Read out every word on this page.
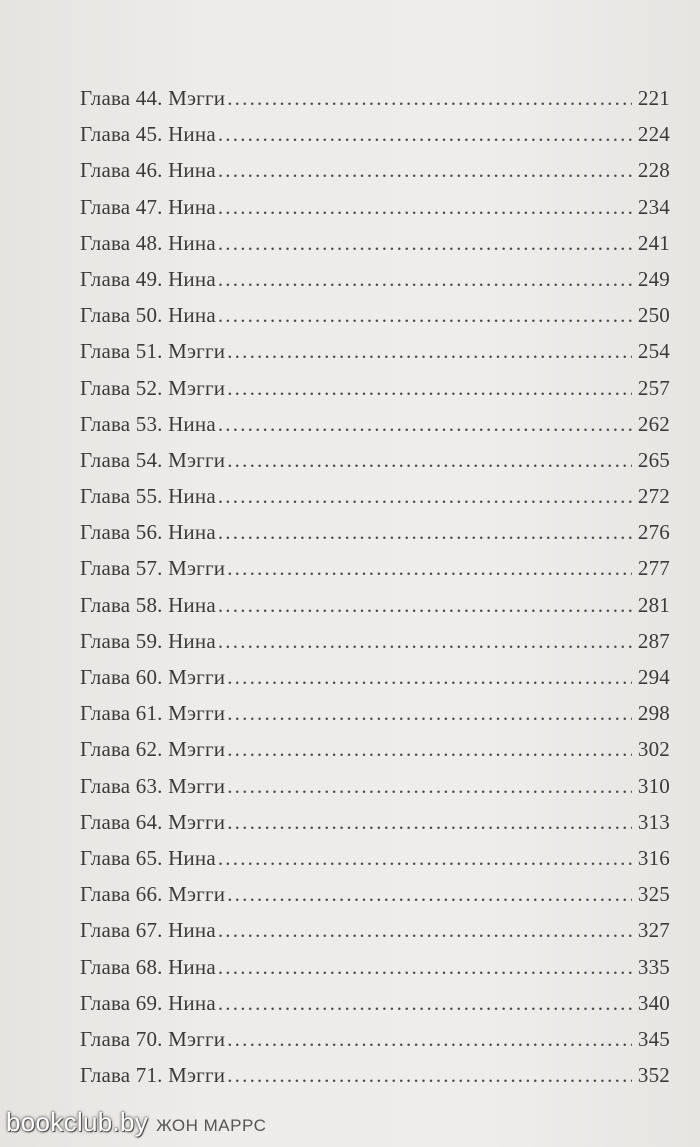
Глава 44. Мэгги .....	221
Глава 45. Нина .....	224
Глава 46. Нина .....	228
Глава 47. Нина .....	234
Глава 48. Нина .....	241
Глава 49. Нина .....	249
Глава 50. Нина .....	250
Глава 51. Мэгги .....	254
Глава 52. Мэгги .....	257
Глава 53. Нина .....	262
Глава 54. Мэгги .....	265
Глава 55. Нина .....	272
Глава 56. Нина .....	276
Глава 57. Мэгги .....	277
Глава 58. Нина .....	281
Глава 59. Нина .....	287
Глава 60. Мэгги .....	294
Глава 61. Мэгги .....	298
Глава 62. Мэгги .....	302
Глава 63. Мэгги .....	310
Глава 64. Мэгги .....	313
Глава 65. Нина .....	316
Глава 66. Мэгги .....	325
Глава 67. Нина .....	327
Глава 68. Нина .....	335
Глава 69. Нина .....	340
Глава 70. Мэгги .....	345
Глава 71. Мэгги .....	352
bookclub.by ЖОН МАРРС
